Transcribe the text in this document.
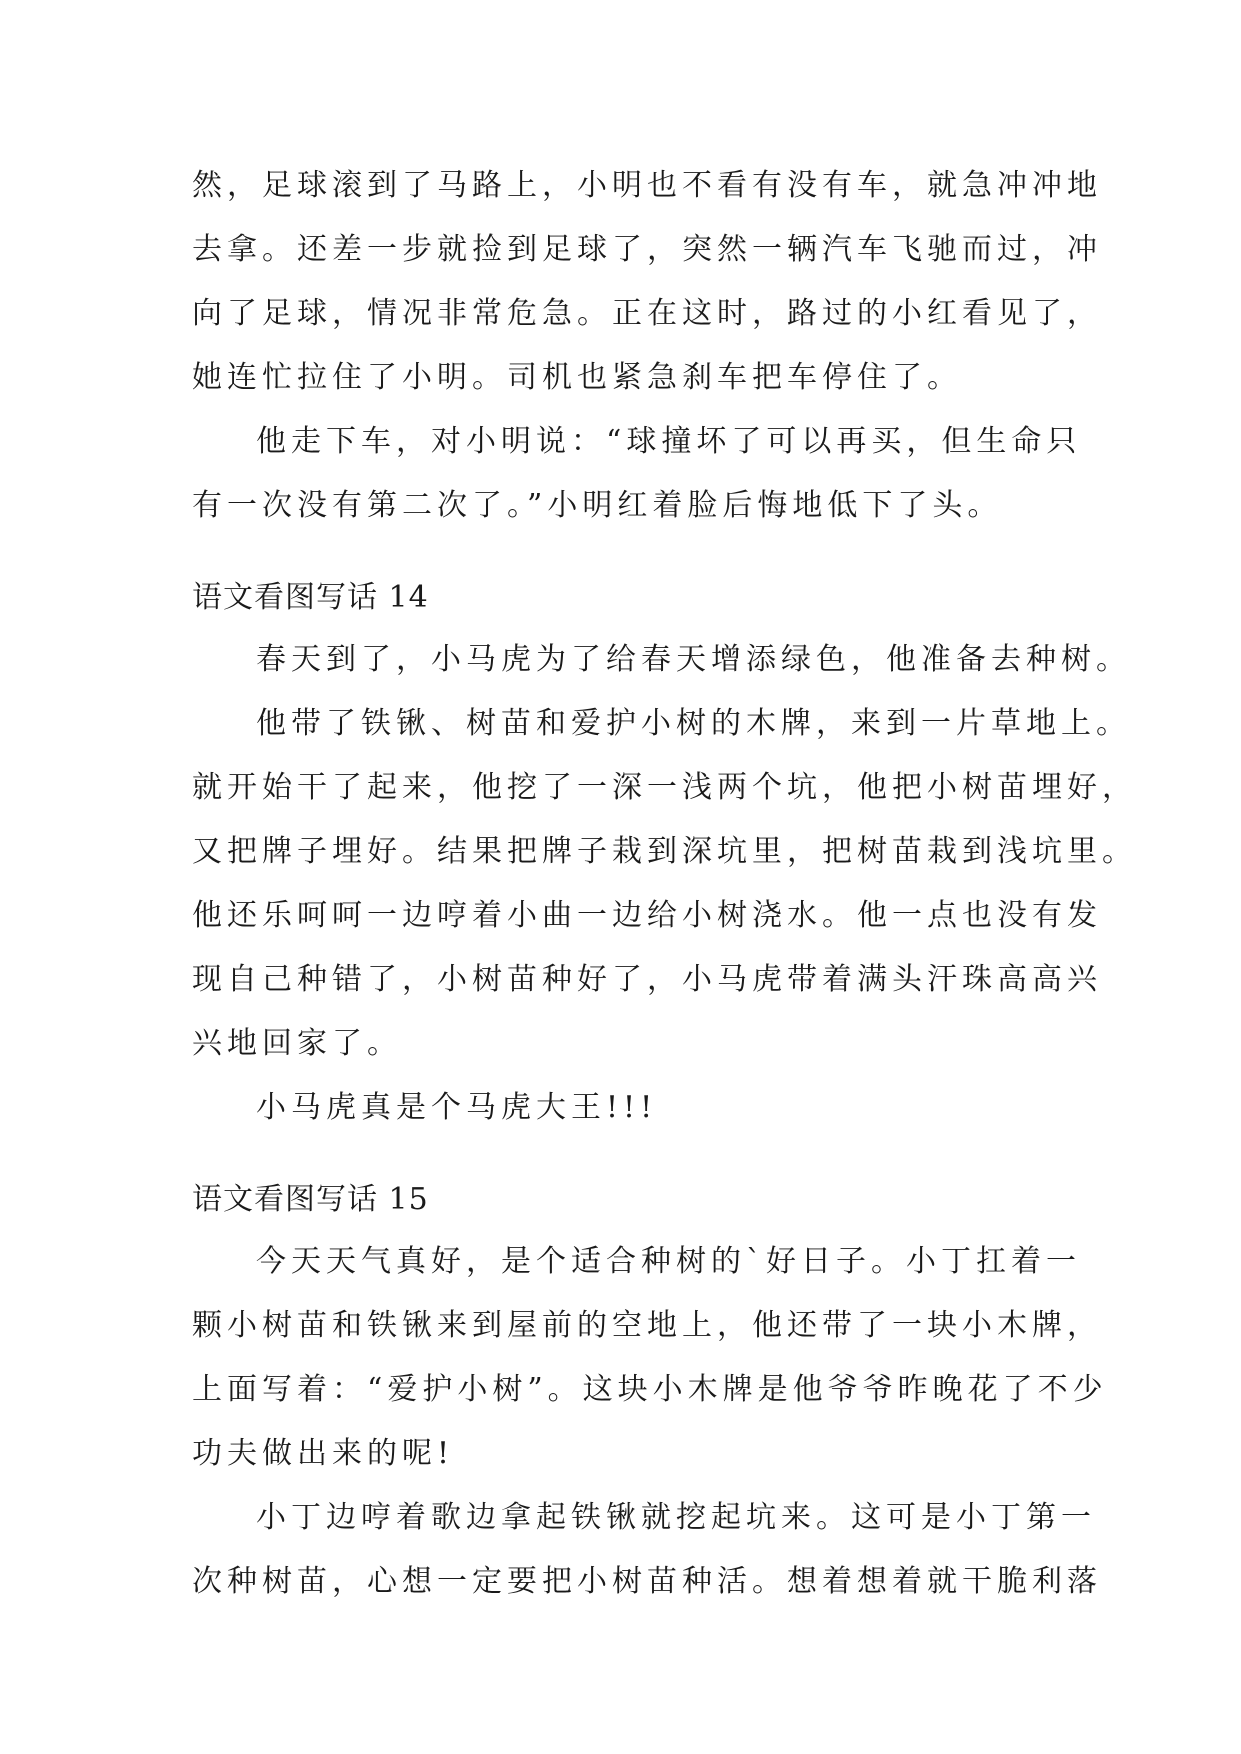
然，足球滚到了马路上，小明也不看有没有车，就急冲冲地
去拿。还差一步就捡到足球了，突然一辆汽车飞驰而过，冲
向了足球，情况非常危急。正在这时，路过的小红看见了，
她连忙拉住了小明。司机也紧急刹车把车停住了。
他走下车，对小明说：“球撞坏了可以再买，但生命只
有一次没有第二次了。”小明红着脸后悔地低下了头。
语文看图写话 14
春天到了，小马虎为了给春天增添绿色，他准备去种树。
他带了铁锹、树苗和爱护小树的木牌，来到一片草地上。
就开始干了起来，他挖了一深一浅两个坑，他把小树苗埋好，
又把牌子埋好。结果把牌子栽到深坑里，把树苗栽到浅坑里。
他还乐呵呵一边哼着小曲一边给小树浇水。他一点也没有发
现自己种错了，小树苗种好了，小马虎带着满头汗珠高高兴
兴地回家了。
小马虎真是个马虎大王!!!
语文看图写话 15
今天天气真好，是个适合种树的`好日子。小丁扛着一
颗小树苗和铁锹来到屋前的空地上，他还带了一块小木牌，
上面写着：“爱护小树”。这块小木牌是他爷爷昨晚花了不少
功夫做出来的呢!
小丁边哼着歌边拿起铁锹就挖起坑来。这可是小丁第一
次种树苗，心想一定要把小树苗种活。想着想着就干脆利落
